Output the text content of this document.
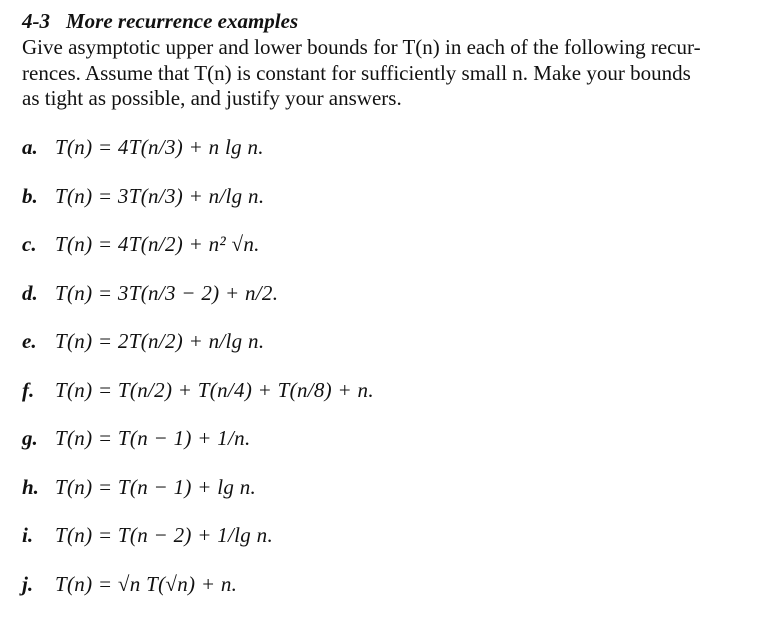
4-3 More recurrence examples
Give asymptotic upper and lower bounds for T(n) in each of the following recur-
rences. Assume that T(n) is constant for sufficiently small n. Make your bounds
as tight as possible, and justify your answers.
a. T(n) = 4T(n/3) + n lg n.
b. T(n) = 3T(n/3) + n/lg n.
c. T(n) = 4T(n/2) + n² √n.
d. T(n) = 3T(n/3 − 2) + n/2.
e. T(n) = 2T(n/2) + n/lg n.
f. T(n) = T(n/2) + T(n/4) + T(n/8) + n.
g. T(n) = T(n − 1) + 1/n.
h. T(n) = T(n − 1) + lg n.
i. T(n) = T(n − 2) + 1/lg n.
j. T(n) = √n T(√n) + n.
